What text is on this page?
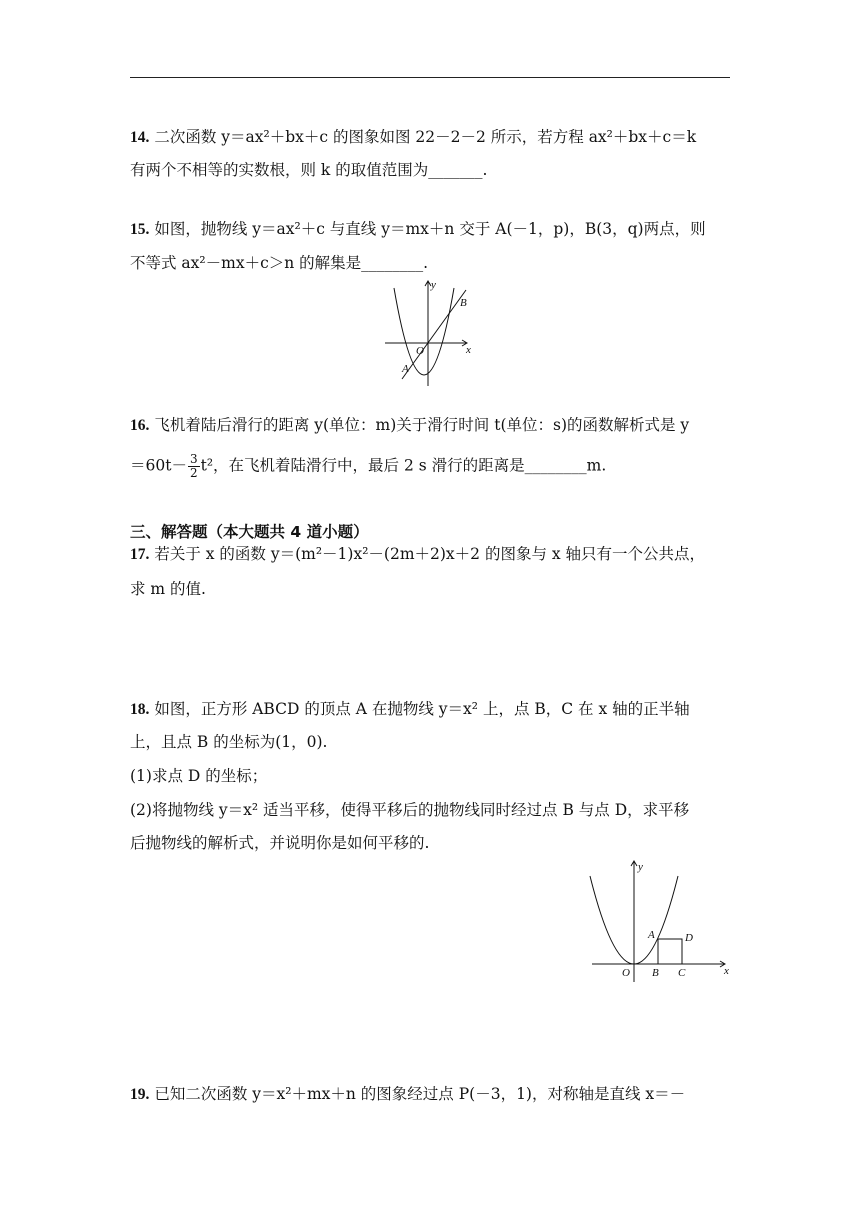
14. 二次函数 y＝ax²＋bx＋c 的图象如图 22－2－2 所示，若方程 ax²＋bx＋c＝k
有两个不相等的实数根，则 k 的取值范围为_______.
15. 如图，抛物线 y＝ax²＋c 与直线 y＝mx＋n 交于 A(－1，p)，B(3，q)两点，则
不等式 ax²－mx＋c＞n 的解集是________.
y
x
O
A
B
16. 飞机着陆后滑行的距离 y(单位：m)关于滑行时间 t(单位：s)的函数解析式是 y
$=60t- \frac{3}{2} t^2$，在飞机着陆滑行中，最后 2 s 滑行的距离是________m.
三、解答题（本大题共 4 道小题）
17. 若关于 x 的函数 y＝(m²－1)x²－(2m＋2)x＋2 的图象与 x 轴只有一个公共点，
求 m 的值.
18. 如图，正方形 ABCD 的顶点 A 在抛物线 y＝x² 上，点 B，C 在 x 轴的正半轴
上，且点 B 的坐标为(1，0).
(1)求点 D 的坐标；
(2)将抛物线 y＝x² 适当平移，使得平移后的抛物线同时经过点 B 与点 D，求平移
后抛物线的解析式，并说明你是如何平移的.
y
x
O
A
B C
D
19. 已知二次函数 y＝x²＋mx＋n 的图象经过点 P(－3，1)，对称轴是直线 x＝－
